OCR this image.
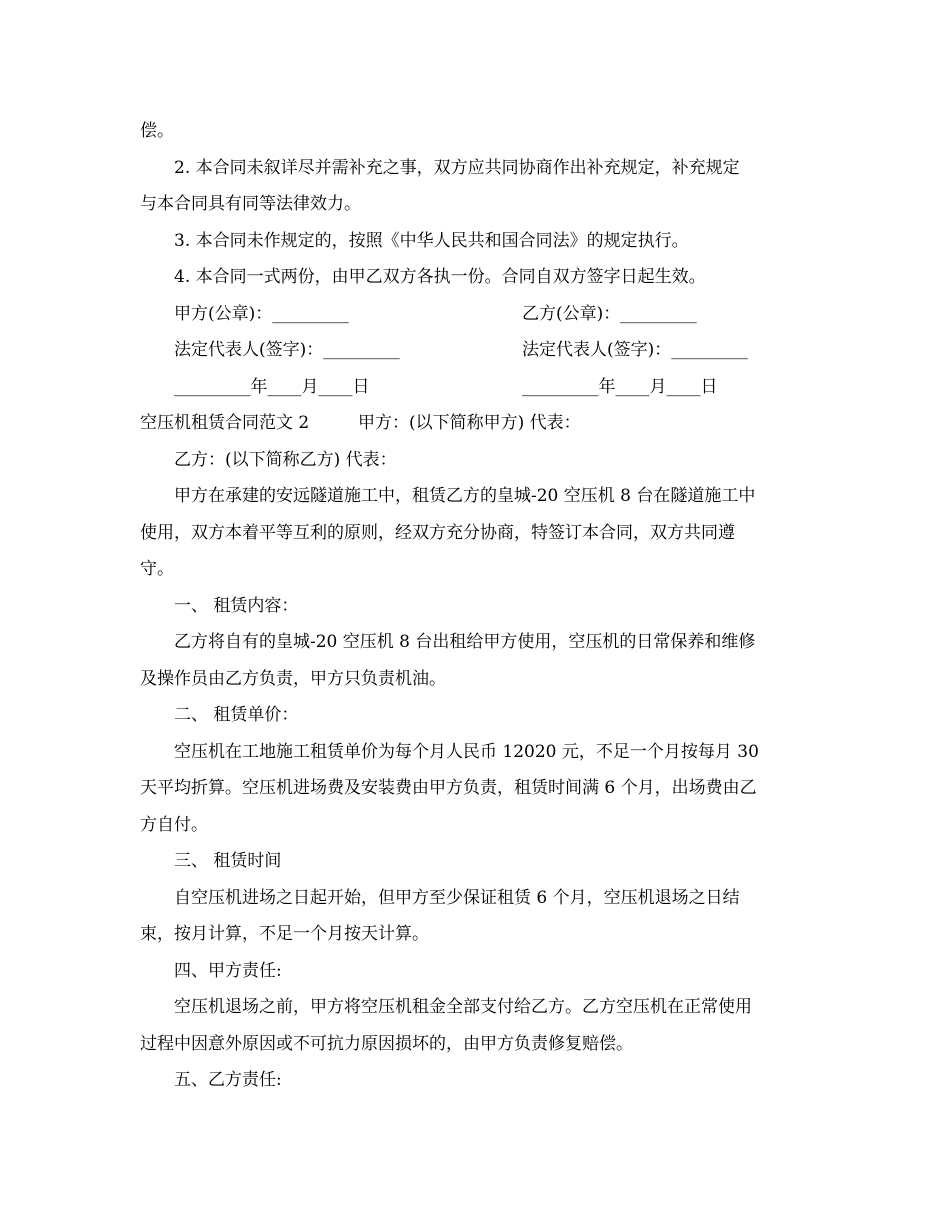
偿。
2. 本合同未叙详尽并需补充之事，双方应共同协商作出补充规定，补充规定
与本合同具有同等法律效力。
3. 本合同未作规定的，按照《中华人民共和国合同法》的规定执行。
4. 本合同一式两份，由甲乙双方各执一份。合同自双方签字日起生效。
甲方(公章)：_________	乙方(公章)：_________
法定代表人(签字)：_________	法定代表人(签字)：_________
_________年____月____日	_________年____月____日
空压机租赁合同范文 2	甲方：(以下简称甲方) 代表：
乙方：(以下简称乙方) 代表：
甲方在承建的安远隧道施工中，租赁乙方的皇城-20 空压机 8 台在隧道施工中
使用，双方本着平等互利的原则，经双方充分协商，特签订本合同，双方共同遵
守。
一、 租赁内容：
乙方将自有的皇城-20 空压机 8 台出租给甲方使用，空压机的日常保养和维修
及操作员由乙方负责，甲方只负责机油。
二、 租赁单价：
空压机在工地施工租赁单价为每个月人民币 12020 元，不足一个月按每月 30
天平均折算。空压机进场费及安装费由甲方负责，租赁时间满 6 个月，出场费由乙
方自付。
三、 租赁时间
自空压机进场之日起开始，但甲方至少保证租赁 6 个月，空压机退场之日结
束，按月计算，不足一个月按天计算。
四、甲方责任:
空压机退场之前，甲方将空压机租金全部支付给乙方。乙方空压机在正常使用
过程中因意外原因或不可抗力原因损坏的，由甲方负责修复赔偿。
五、乙方责任:
